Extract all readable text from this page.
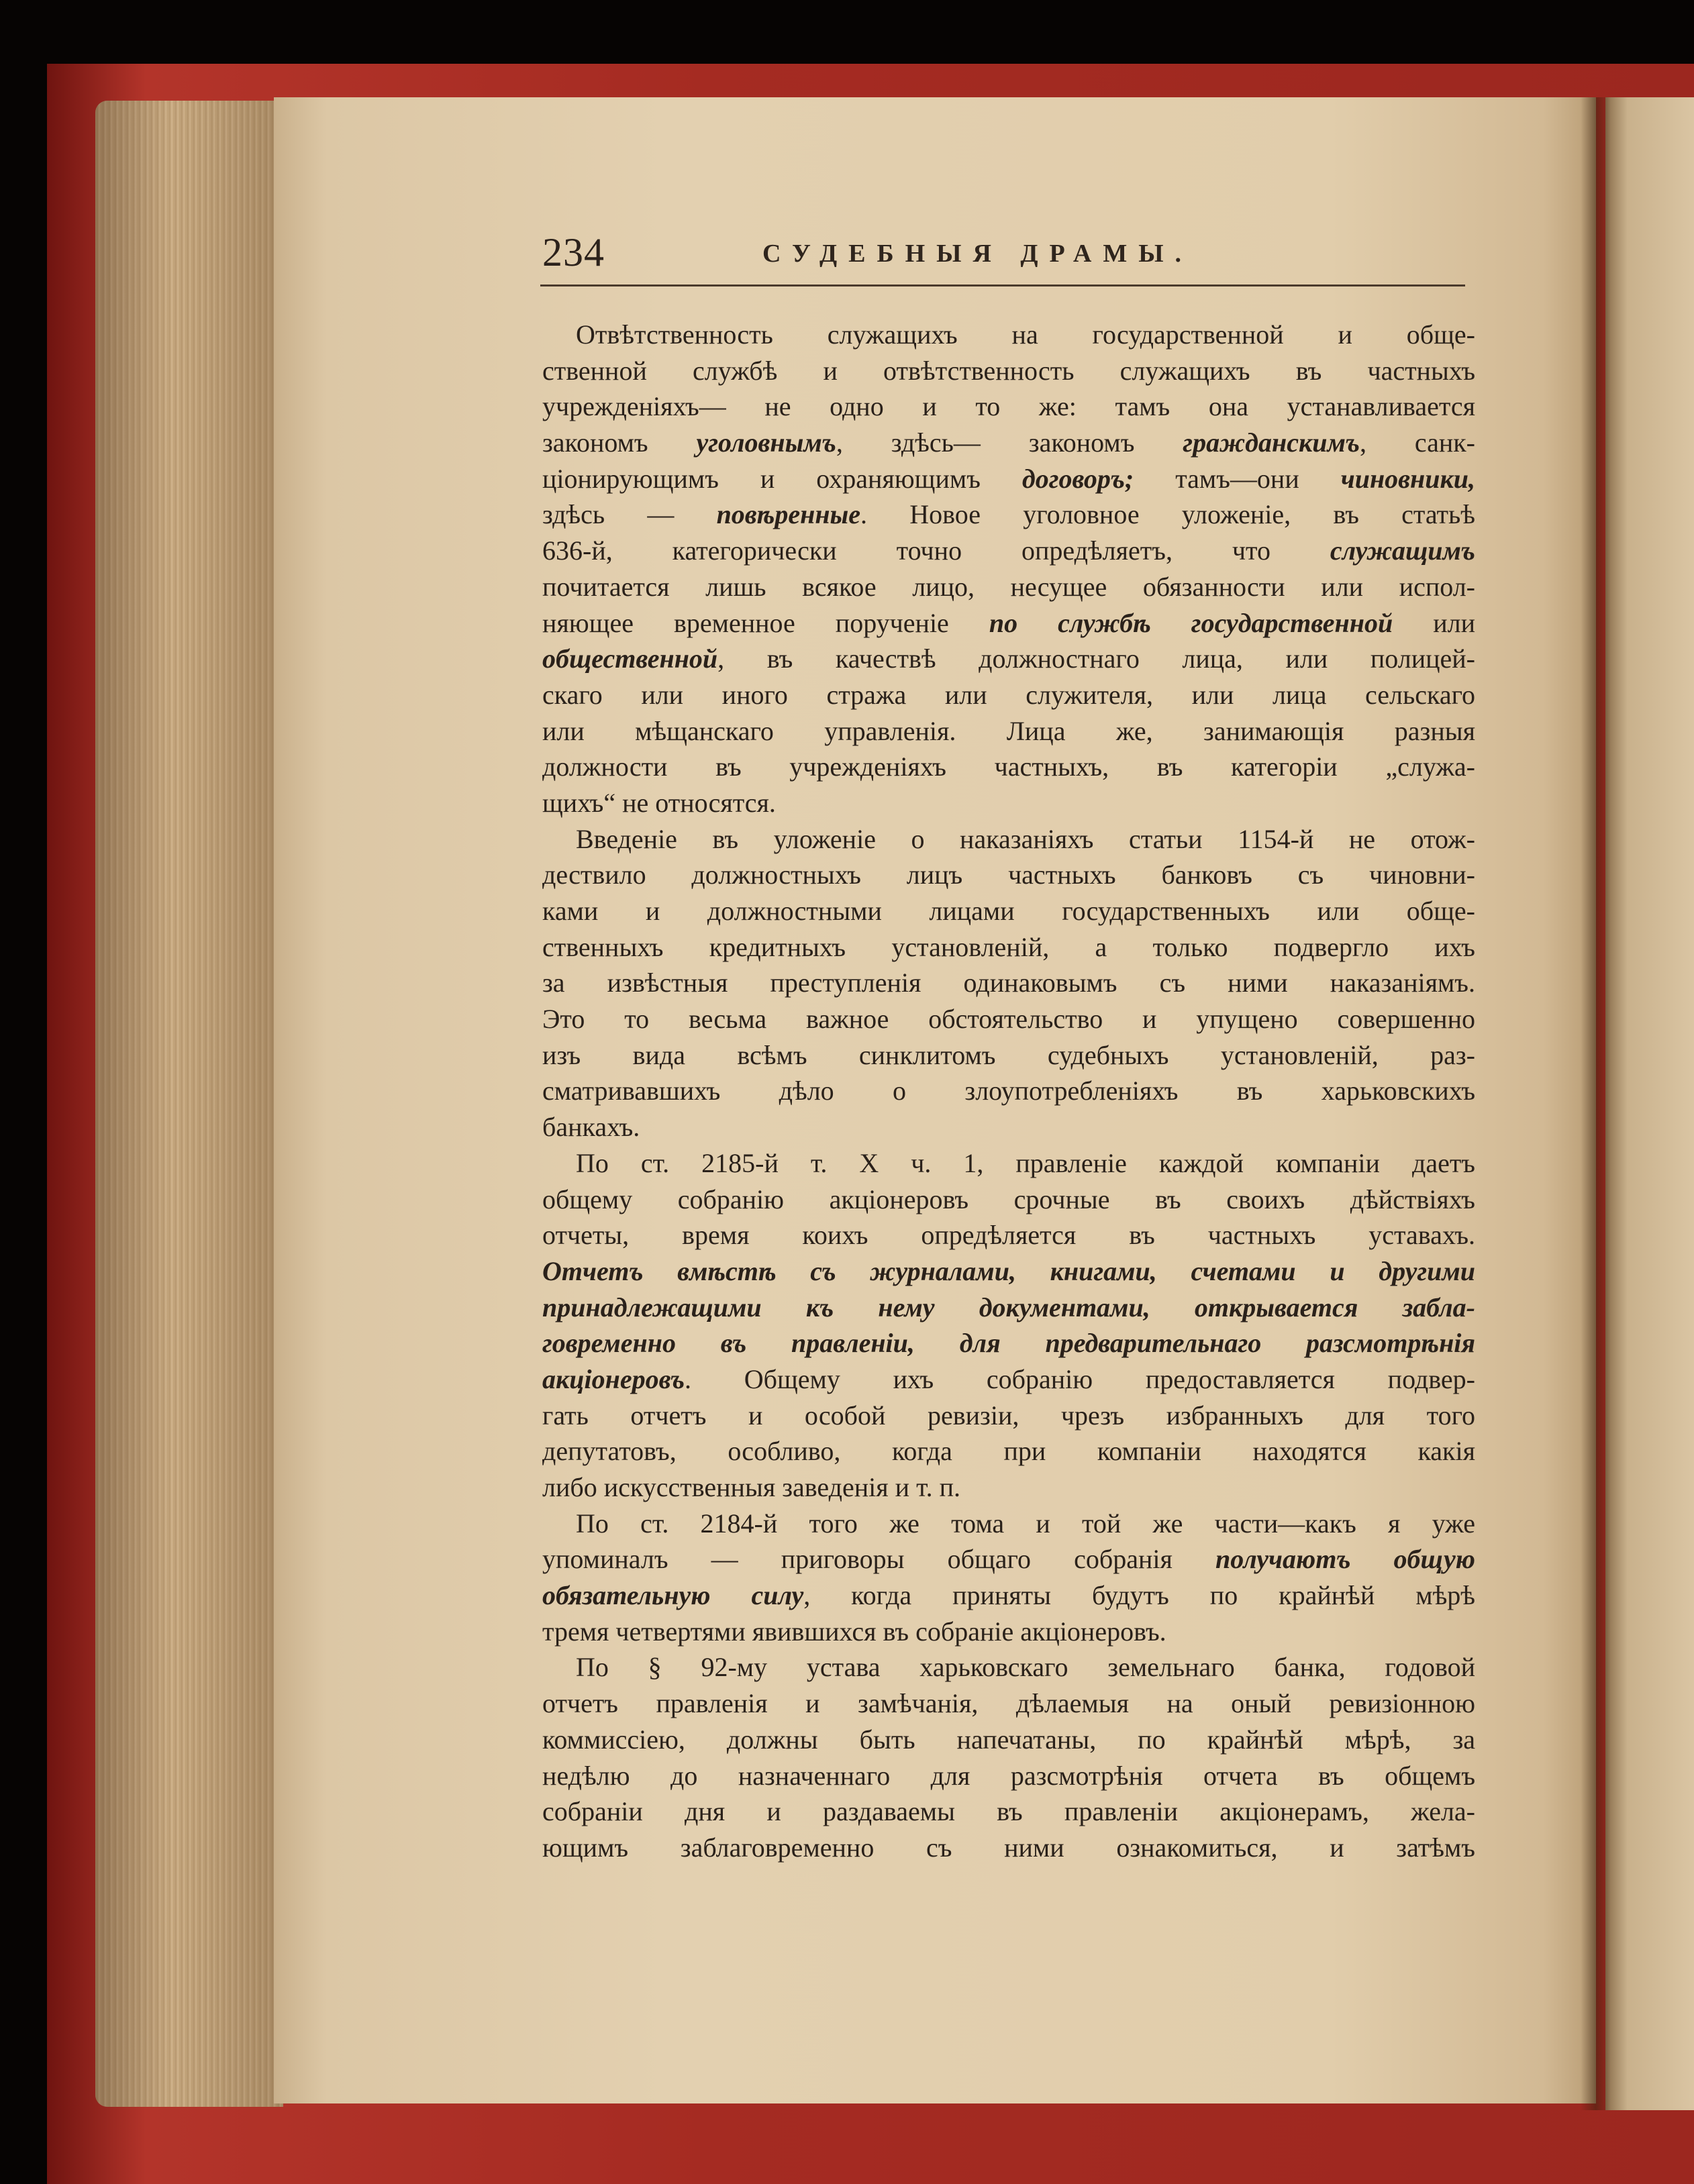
234	СУДЕБНЫЯ ДРАМЫ.
Отвѣтственность служащихъ на государственной и обще-
ственной службѣ и отвѣтственность служащихъ въ частныхъ
учрежденіяхъ— не одно и то же: тамъ она устанавливается
закономъ уголовнымъ, здѣсь— закономъ гражданскимъ, санк-
ціонирующимъ и охраняющимъ договоръ; тамъ—они чиновники,
здѣсь — повѣренные. Новое уголовное уложеніе, въ статьѣ
636-й, категорически точно опредѣляетъ, что служащимъ
почитается лишь всякое лицо, несущее обязанности или испол-
няющее временное порученіе по службѣ государственной или
общественной, въ качествѣ должностнаго лица, или полицей-
скаго или иного стража или служителя, или лица сельскаго
или мѣщанскаго управленія. Лица же, занимающія разныя
должности въ учрежденіяхъ частныхъ, въ категоріи „служа-
щихъ“ не относятся.
Введеніе въ уложеніе о наказаніяхъ статьи 1154-й не отож-
дествило должностныхъ лицъ частныхъ банковъ съ чиновни-
ками и должностными лицами государственныхъ или обще-
ственныхъ кредитныхъ установленій, а только подвергло ихъ
за извѣстныя преступленія одинаковымъ съ ними наказаніямъ.
Это то весьма важное обстоятельство и упущено совершенно
изъ вида всѣмъ синклитомъ судебныхъ установленій, раз-
сматривавшихъ дѣло о злоупотребленіяхъ въ харьковскихъ
банкахъ.
По ст. 2185-й т. X ч. 1, правленіе каждой компаніи даетъ
общему собранію акціонеровъ срочные въ своихъ дѣйствіяхъ
отчеты, время коихъ опредѣляется въ частныхъ уставахъ.
Отчетъ вмѣстѣ съ журналами, книгами, счетами и другими
принадлежащими къ нему документами, открывается забла-
говременно въ правленіи, для предварительнаго разсмотрѣнія
акціонеровъ. Общему ихъ собранію предоставляется подвер-
гать отчетъ и особой ревизіи, чрезъ избранныхъ для того
депутатовъ, особливо, когда при компаніи находятся какія
либо искусственныя заведенія и т. п.
По ст. 2184-й того же тома и той же части—какъ я уже
упоминалъ — приговоры общаго собранія получаютъ общую
обязательную силу, когда приняты будутъ по крайнѣй мѣрѣ
тремя четвертями явившихся въ собраніе акціонеровъ.
По § 92-му устава харьковскаго земельнаго банка, годовой
отчетъ правленія и замѣчанія, дѣлаемыя на оный ревизіонною
коммиссіею, должны быть напечатаны, по крайнѣй мѣрѣ, за
недѣлю до назначеннаго для разсмотрѣнія отчета въ общемъ
собраніи дня и раздаваемы въ правленіи акціонерамъ, жела-
ющимъ заблаговременно съ ними ознакомиться, и затѣмъ
